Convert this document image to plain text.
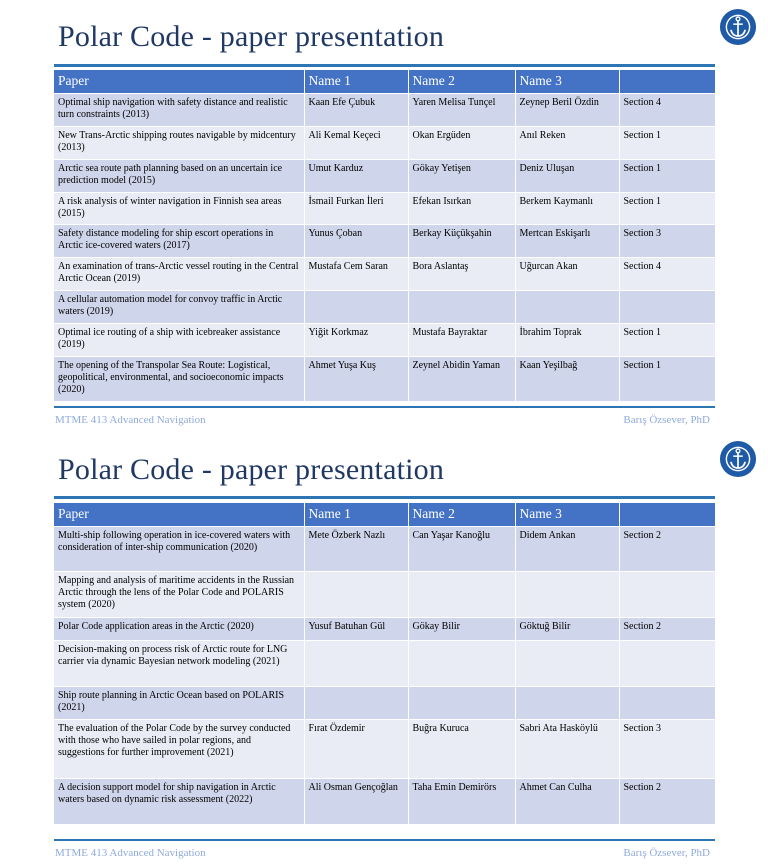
Polar Code - paper presentation
Paper	Name 1	Name 2	Name 3	
Optimal ship navigation with safety distance and realistic turn constraints (2013)	Kaan Efe Çubuk	Yaren Melisa Tunçel	Zeynep Beril Özdin	Section 4
New Trans-Arctic shipping routes navigable by midcentury (2013)	Ali Kemal Keçeci	Okan Ergüden	Anıl Reken	Section 1
Arctic sea route path planning based on an uncertain ice prediction model (2015)	Umut Karduz	Gökay Yetişen	Deniz Uluşan	Section 1
A risk analysis of winter navigation in Finnish sea areas (2015)	İsmail Furkan İleri	Efekan Isırkan	Berkem Kaymanlı	Section 1
Safety distance modeling for ship escort operations in Arctic ice-covered waters (2017)	Yunus Çoban	Berkay Küçükşahin	Mertcan Eskişarlı	Section 3
An examination of trans-Arctic vessel routing in the Central Arctic Ocean (2019)	Mustafa Cem Saran	Bora Aslantaş	Uğurcan Akan	Section 4
A cellular automation model for convoy traffic in Arctic waters (2019)				
Optimal ice routing of a ship with icebreaker assistance (2019)	Yiğit Korkmaz	Mustafa Bayraktar	İbrahim Toprak	Section 1
The opening of the Transpolar Sea Route: Logistical, geopolitical, environmental, and socioeconomic impacts (2020)	Ahmet Yuşa Kuş	Zeynel Abidin Yaman	Kaan Yeşilbağ	Section 1
MTME 413 Advanced Navigation	Barış Özsever, PhD
Polar Code - paper presentation
Paper	Name 1	Name 2	Name 3	
Multi-ship following operation in ice-covered waters with consideration of inter-ship communication (2020)	Mete Özberk Nazlı	Can Yaşar Kanoğlu	Didem Ankan	Section 2
Mapping and analysis of maritime accidents in the Russian Arctic through the lens of the Polar Code and POLARIS system (2020)				
Polar Code application areas in the Arctic (2020)	Yusuf Batuhan Gül	Gökay Bilir	Göktuğ Bilir	Section 2
Decision-making on process risk of Arctic route for LNG carrier via dynamic Bayesian network modeling (2021)				
Ship route planning in Arctic Ocean based on POLARIS (2021)				
The evaluation of the Polar Code by the survey conducted with those who have sailed in polar regions, and suggestions for further improvement (2021)	Fırat Özdemir	Buğra Kuruca	Sabri Ata Hasköylü	Section 3
A decision support model for ship navigation in Arctic waters based on dynamic risk assessment (2022)	Ali Osman Gençoğlan	Taha Emin Demirörs	Ahmet Can Culha	Section 2
MTME 413 Advanced Navigation	Barış Özsever, PhD
